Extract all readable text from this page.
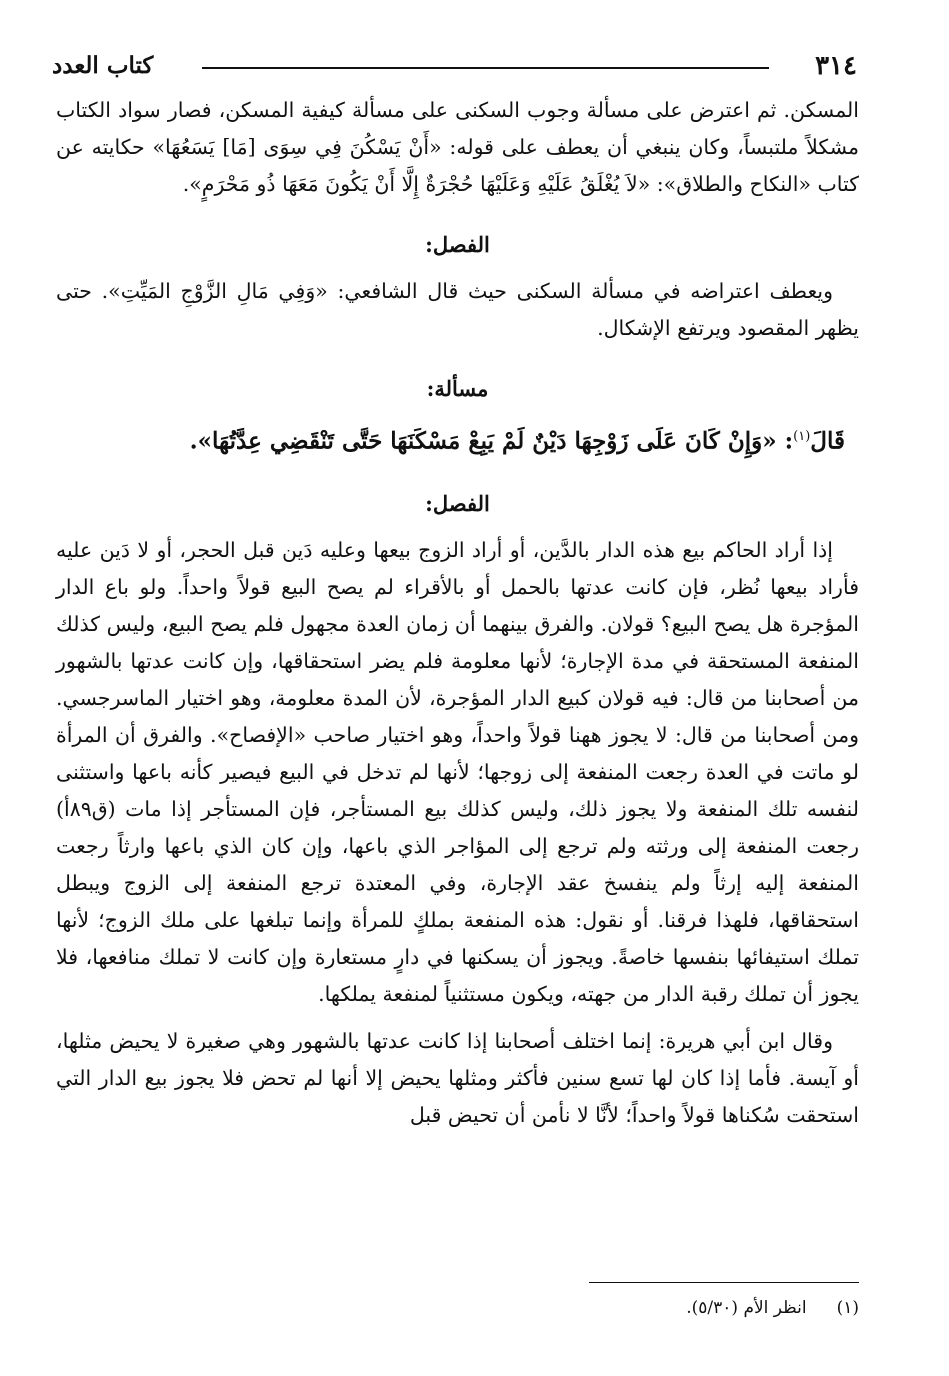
٣١٤
كتاب العدد

المسكن. ثم اعترض على مسألة وجوب السكنى على مسألة كيفية المسكن، فصار سواد الكتاب مشكلاً ملتبساً، وكان ينبغي أن يعطف على قوله: «أَنْ يَسْكُنَ فِي سِوَى [مَا] يَسَعُهَا» حكايته عن كتاب «النكاح والطلاق»: «لاَ يُغْلَقُ عَلَيْهِ وَعَلَيْهَا حُجْرَةٌ إِلَّا أَنْ يَكُونَ مَعَهَا ذُو مَحْرَمٍ».

الفصل:

ويعطف اعتراضه في مسألة السكنى حيث قال الشافعي: «وَفِي مَالِ الزَّوْجِ المَيِّتِ». حتى يظهر المقصود ويرتفع الإشكال.

مسألة:

قَالَ$^{(١)}$: «وَإِنْ كَانَ عَلَى زَوْجِهَا دَيْنٌ لَمْ يَبِعْ مَسْكَنَهَا حَتَّى تَنْقَضِي عِدَّتُهَا».

الفصل:

إذا أراد الحاكم بيع هذه الدار بالدَّين، أو أراد الزوج بيعها وعليه دَين قبل الحجر، أو لا دَين عليه فأراد بيعها نُظر، فإن كانت عدتها بالحمل أو بالأقراء لم يصح البيع قولاً واحداً. ولو باع الدار المؤجرة هل يصح البيع؟ قولان. والفرق بينهما أن زمان العدة مجهول فلم يصح البيع، وليس كذلك المنفعة المستحقة في مدة الإجارة؛ لأنها معلومة فلم يضر استحقاقها، وإن كانت عدتها بالشهور من أصحابنا من قال: فيه قولان كبيع الدار المؤجرة، لأن المدة معلومة، وهو اختيار الماسرجسي. ومن أصحابنا من قال: لا يجوز ههنا قولاً واحداً، وهو اختيار صاحب «الإفصاح». والفرق أن المرأة لو ماتت في العدة رجعت المنفعة إلى زوجها؛ لأنها لم تدخل في البيع فيصير كأنه باعها واستثنى لنفسه تلك المنفعة ولا يجوز ذلك، وليس كذلك بيع المستأجر، فإن المستأجر إذا مات (ق٨٩أ) رجعت المنفعة إلى ورثته ولم ترجع إلى المؤاجر الذي باعها، وإن كان الذي باعها وارثاً رجعت المنفعة إليه إرثاً ولم ينفسخ عقد الإجارة، وفي المعتدة ترجع المنفعة إلى الزوج ويبطل استحقاقها، فلهذا فرقنا. أو نقول: هذه المنفعة بملكٍ للمرأة وإنما تبلغها على ملك الزوج؛ لأنها تملك استيفائها بنفسها خاصةً. ويجوز أن يسكنها في دارٍ مستعارة وإن كانت لا تملك منافعها، فلا يجوز أن تملك رقبة الدار من جهته، ويكون مستثنياً لمنفعة يملكها.

وقال ابن أبي هريرة: إنما اختلف أصحابنا إذا كانت عدتها بالشهور وهي صغيرة لا يحيض مثلها، أو آيسة. فأما إذا كان لها تسع سنين فأكثر ومثلها يحيض إلا أنها لم تحض فلا يجوز بيع الدار التي استحقت سُكناها قولاً واحداً؛ لأنَّا لا نأمن أن تحيض قبل

(١)انظر الأم (٥/٣٠).
